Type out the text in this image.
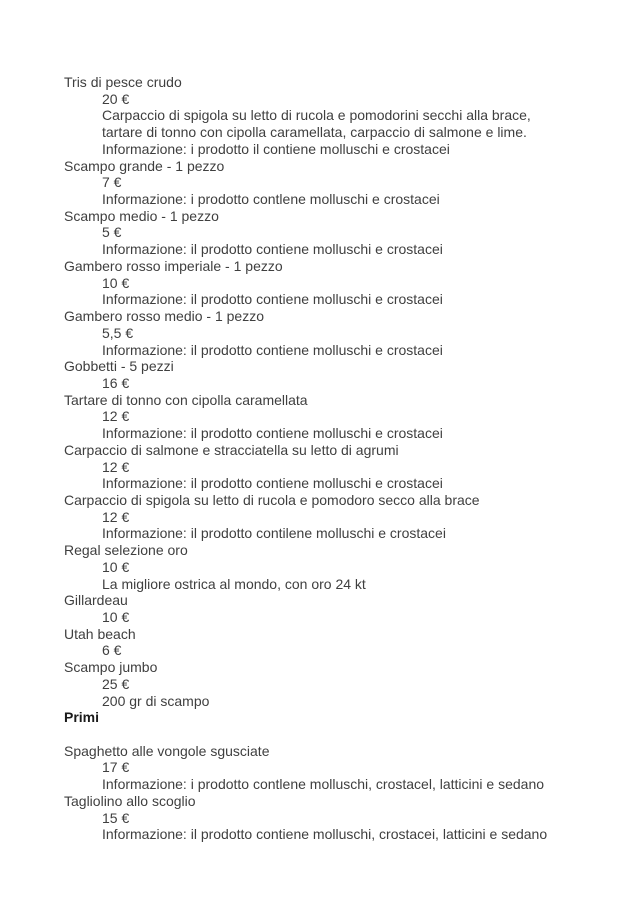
Tris di pesce crudo
20 €
Carpaccio di spigola su letto di rucola e pomodorini secchi alla brace,
tartare di tonno con cipolla caramellata, carpaccio di salmone e lime.
Informazione: i prodotto il contiene molluschi e crostacei
Scampo grande - 1 pezzo
7 €
Informazione: i prodotto contlene molluschi e crostacei
Scampo medio - 1 pezzo
5 €
Informazione: il prodotto contiene molluschi e crostacei
Gambero rosso imperiale - 1 pezzo
10 €
Informazione: il prodotto contiene molluschi e crostacei
Gambero rosso medio - 1 pezzo
5,5 €
Informazione: il prodotto contiene molluschi e crostacei
Gobbetti - 5 pezzi
16 €
Tartare di tonno con cipolla caramellata
12 €
Informazione: il prodotto contiene molluschi e crostacei
Carpaccio di salmone e stracciatella su letto di agrumi
12 €
Informazione: il prodotto contiene molluschi e crostacei
Carpaccio di spigola su letto di rucola e pomodoro secco alla brace
12 €
Informazione: il prodotto contilene molluschi e crostacei
Regal selezione oro
10 €
La migliore ostrica al mondo, con oro 24 kt
Gillardeau
10 €
Utah beach
6 €
Scampo jumbo
25 €
200 gr di scampo
Primi
Spaghetto alle vongole sgusciate
17 €
Informazione: i prodotto contlene molluschi, crostacel, latticini e sedano
Tagliolino allo scoglio
15 €
Informazione: il prodotto contiene molluschi, crostacei, latticini e sedano
